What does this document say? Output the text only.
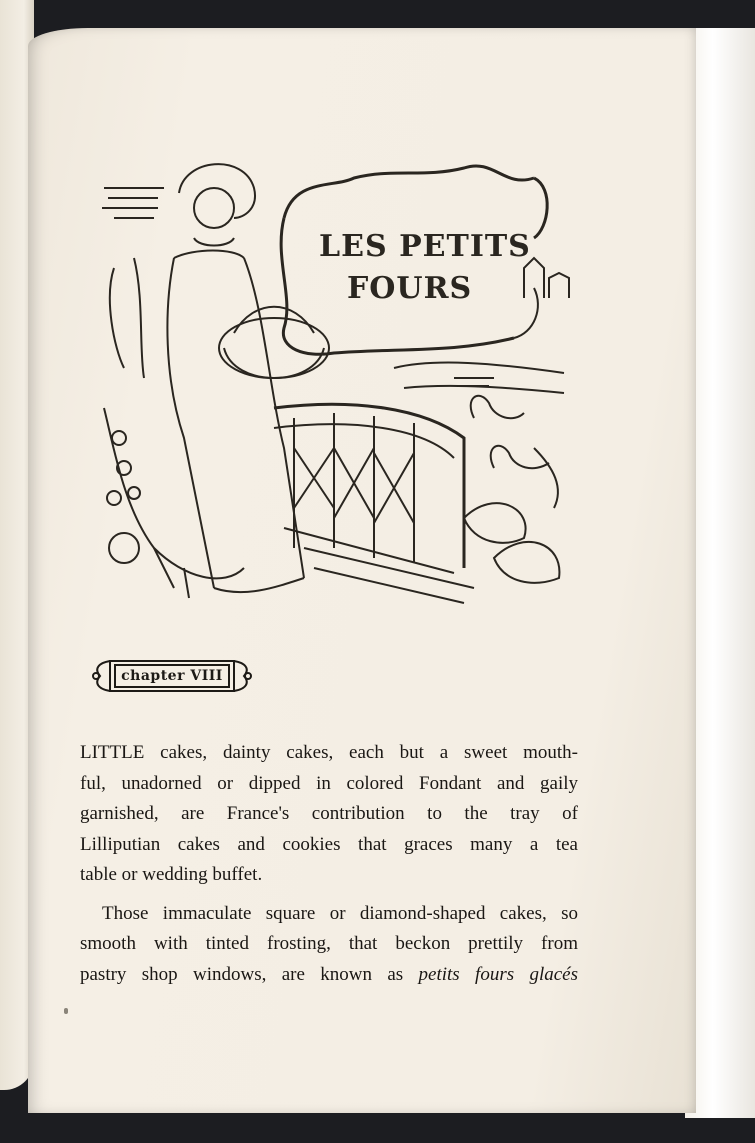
LES PETITS
FOURS
chapter VIII
LITTLE cakes, dainty cakes, each but a sweet mouth-
ful, unadorned or dipped in colored Fondant and gaily
garnished, are France's contribution to the tray of
Lilliputian cakes and cookies that graces many a tea
table or wedding buffet.
Those immaculate square or diamond-shaped cakes, so
smooth with tinted frosting, that beckon prettily from
pastry shop windows, are known as petits fours glacés
